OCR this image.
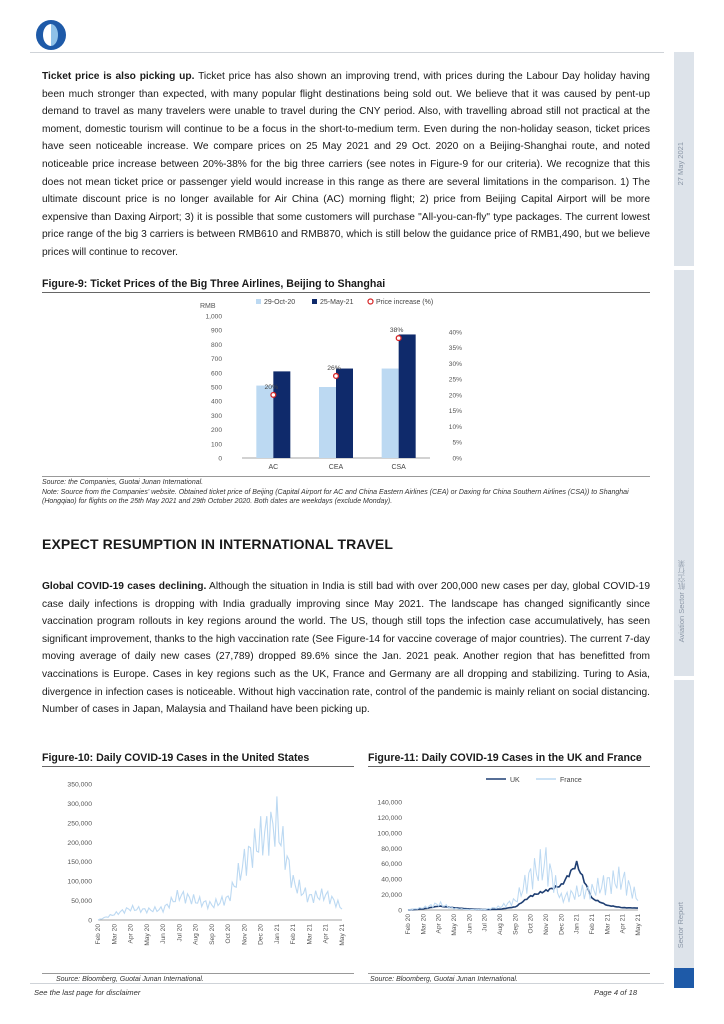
27 May 2021
Aviation Sector 航空行業
Sector Report
Ticket price is also picking up. Ticket price has also shown an improving trend, with prices during the Labour Day holiday having been much stronger than expected, with many popular flight destinations being sold out. We believe that it was caused by pent-up demand to travel as many travelers were unable to travel during the CNY period. Also, with travelling abroad still not practical at the moment, domestic tourism will continue to be a focus in the short-to-medium term. Even during the non-holiday season, ticket prices have seen noticeable increase. We compare prices on 25 May 2021 and 29 Oct. 2020 on a Beijing-Shanghai route, and noted noticeable price increase between 20%-38% for the big three carriers (see notes in Figure-9 for our criteria). We recognize that this does not mean ticket price or passenger yield would increase in this range as there are several limitations in the comparison. 1) The ultimate discount price is no longer available for Air China (AC) morning flight; 2) price from Beijing Capital Airport will be more expensive than Daxing Airport; 3) it is possible that some customers will purchase "All-you-can-fly" type packages. The current lowest price range of the big 3 carriers is between RMB610 and RMB870, which is still below the guidance price of RMB1,490, but we believe prices will continue to recover.
Figure-9: Ticket Prices of the Big Three Airlines, Beijing to Shanghai
29-Oct-20	25-May-21	Price increase (%)
RMB
0
100
200
300
400
500
600
700
800
900
1,000
0%
5%
10%
15%
20%
25%
30%
35%
40%
AC
20%
CEA
26%
CSA
38%
Source: the Companies, Guotai Junan International.
Note: Source from the Companies' website. Obtained ticket price of Beijing (Capital Airport for AC and China Eastern Airlines (CEA) or Daxing for China Southern Airlines (CSA)) to Shanghai (Hongqiao) for flights on the 25th May 2021 and 29th October 2020. Both dates are weekdays (exclude Monday).
EXPECT RESUMPTION IN INTERNATIONAL TRAVEL
Global COVID-19 cases declining. Although the situation in India is still bad with over 200,000 new cases per day, global COVID-19 case daily infections is dropping with India gradually improving since May 2021. The landscape has changed significantly since vaccination program rollouts in key regions around the world. The US, though still tops the infection case accumulatively, has seen significant improvement, thanks to the high vaccination rate (See Figure-14 for vaccine coverage of major countries). The current 7-day moving average of daily new cases (27,789) dropped 89.6% since the Jan. 2021 peak. Another region that has benefitted from vaccinations is Europe. Cases in key regions such as the UK, France and Germany are all dropping and stabilizing. Turing to Asia, divergence in infection cases is noticeable. Without high vaccination rate, control of the pandemic is mainly reliant on social distancing. Number of cases in Japan, Malaysia and Thailand have been picking up.
Figure-10: Daily COVID-19 Cases in the United States	Figure-11: Daily COVID-19 Cases in the UK and France
0
50,000
100,000
150,000
200,000
250,000
300,000
350,000
Feb 20 Mar 20 Apr 20 May 20 Jun 20 Jul 20 Aug 20 Sep 20 Oct 20 Nov 20 Dec 20 Jan 21 Feb 21 Mar 21 Apr 21 May 21
0
20,000
40,000
60,000
80,000
100,000
120,000
140,000
Feb 20 Mar 20 Apr 20 May 20 Jun 20 Jul 20 Aug 20 Sep 20 Oct 20 Nov 20 Dec 20 Jan 21 Feb 21 Mar 21 Apr 21 May 21
UK	France
Source: Bloomberg, Guotai Junan International.	Source: Bloomberg, Guotai Junan International.
See the last page for disclaimer	Page 4 of 18
